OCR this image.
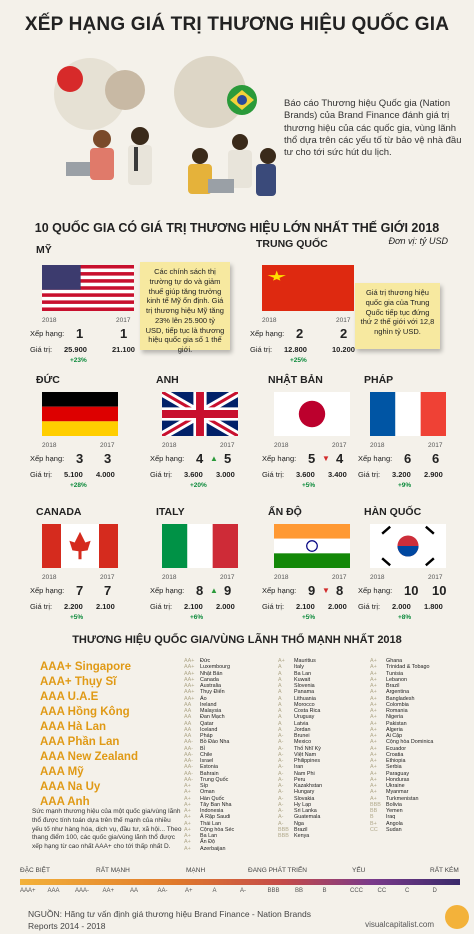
XẾP HẠNG GIÁ TRỊ THƯƠNG HIỆU QUỐC GIA
Báo cáo Thương hiệu Quốc gia (Nation Brands) của Brand Finance đánh giá trị thương hiệu của các quốc gia, vùng lãnh thổ dựa trên các yếu tố từ bảo vệ nhà đầu tư cho tới sức hút du lịch.
10 QUỐC GIA CÓ GIÁ TRỊ THƯƠNG HIỆU LỚN NHẤT THẾ GIỚI 2018
Đơn vị: tỷ USD
MỸ
2018	2017
Xếp hạng: 1	1
Giá trị: 25.900	21.100
+23%
Các chính sách thị trường tự do và giảm thuế giúp tăng trưởng kinh tế Mỹ ổn định. Giá trị thương hiệu Mỹ tăng 23% lên 25.900 tỷ USD, tiếp tục là thương hiệu quốc gia số 1 thế giới.
TRUNG QUỐC
2018	2017
Xếp hạng: 2	2
Giá trị: 12.800	10.200
+25%
Giá trị thương hiệu quốc gia của Trung Quốc tiếp tục đứng thứ 2 thế giới với 12,8 nghìn tỷ USD.
ĐỨC
2018	2017
Xếp hạng: 3 3
Giá trị: 5.100 4.000
+28%
ANH
2018	2017
Xếp hạng: 4 ▲ 5
Giá trị: 3.600 3.000
+20%
NHẬT BẢN
2018	2017
Xếp hạng: 5 ▼ 4
Giá trị: 3.600 3.400
+5%
PHÁP
2018	2017
Xếp hạng: 6 6
Giá trị: 3.200 2.900
+9%
CANADA
2018	2017
Xếp hạng: 7 7
Giá trị: 2.200 2.100
+5%
ITALY
2018	2017
Xếp hạng: 8 ▲ 9
Giá trị: 2.100 2.000
+6%
ẤN ĐỘ
2018	2017
Xếp hạng: 9 ▼ 8
Giá trị: 2.100 2.000
+5%
HÀN QUỐC
2018	2017
Xếp hạng: 10 10
Giá trị: 2.000 1.800
+8%
THƯƠNG HIỆU QUỐC GIA/VÙNG LÃNH THỔ MẠNH NHẤT 2018
AAA+ Singapore
AAA+ Thụy Sĩ
AAA U.A.E
AAA Hồng Kông
AAA Hà Lan
AAA Phần Lan
AAA New Zealand
AAA Mỹ
AAA Na Uy
AAA Anh
AA+ Đức
AA+ Luxembourg
AA+ Nhật Bản
AA+ Canada
AA+ Australia
AA+ Thụy Điển
AA+ Áo
AA Ireland
AA Malaysia
AA Đan Mạch
AA Qatar
AA Iceland
AA Pháp
AA- Bồ Đào Nha
AA- Bỉ
AA- Chile
AA- Israel
AA- Estonia
AA- Bahrain
AA- Trung Quốc
A+ Síp
A+ Oman
A+ Hàn Quốc
A+ Tây Ban Nha
A+ Indonesia
A+ Ả Rập Saudi
A+ Thái Lan
A+ Cộng hòa Séc
A+ Ba Lan
A+ Ấn Độ
A+ Azerbaijan
A+ Mauritius
A Italy
A Ba Lan
A Kuwait
A Slovenia
A Panama
A Lithuania
A Morocco
A Costa Rica
A Uruguay
A Latvia
A Jordan
A- Brunei
A- Mexico
A- Thổ Nhĩ Kỳ
A- Việt Nam
A- Philippines
A- Iran
A- Nam Phi
A- Peru
A- Kazakhstan
A- Hungary
A- Slovakia
A- Hy Lạp
A- Sri Lanka
A- Guatemala
A- Nga
BBB Brazil
BBB Kenya
A+ Ghana
A+ Trinidad & Tobago
A+ Tunisia
A+ Lebanon
A+ Brazil
A+ Argentina
A+ Bangladesh
A+ Colombia
A+ Romania
A+ Nigeria
A+ Pakistan
A+ Algeria
A+ Ai Cập
A+ Cộng hòa Dominica
A+ Ecuador
A+ Croatia
A+ Ethiopia
A+ Serbia
A+ Paraguay
A+ Honduras
A+ Ukraine
A+ Myanmar
A+ Turkmenistan
BBB Bolivia
BB Yemen
B Iraq
B+ Angola
CC Sudan
Sức mạnh thương hiệu của một quốc gia/vùng lãnh thổ được tính toán dựa trên thế mạnh của nhiều yếu tố như hàng hóa, dịch vụ, đầu tư, xã hội... Theo thang điểm 100, các quốc gia/vùng lãnh thổ được xếp hạng từ cao nhất AAA+ cho tới thấp nhất D.
ĐẶC BIỆT	RẤT MẠNH	MẠNH	ĐANG PHÁT TRIỂN	YẾU	RẤT KÉM
AAA+ AAA	AAA- AA+	AA	AA-	A+	A	A-	BBB	BB	B	CCC CC	C	D
NGUỒN: Hãng tư vấn định giá thương hiệu Brand Finance - Nation Brands Reports 2014 - 2018	visualcapitalist.com
